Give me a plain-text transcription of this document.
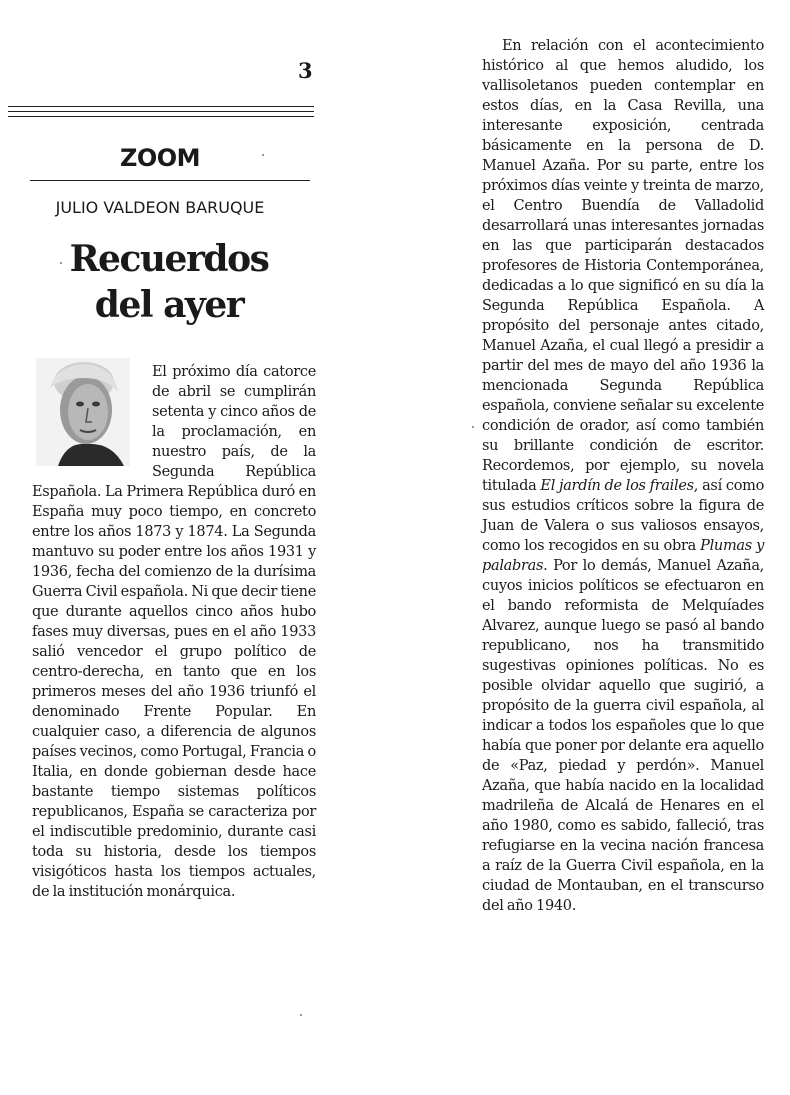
3
ZOOM
JULIO VALDEON BARUQUE
Recuerdos
del ayer

El próximo día catorce de abril se cumplirán setenta y cinco años de la proclamación, en nuestro país, de la Segunda República Española. La Primera República duró en España muy poco tiempo, en concreto entre los años 1873 y 1874. La Segunda mantuvo su poder entre los años 1931 y 1936, fecha del comienzo de la durísima Guerra Civil española. Ni que decir tiene que durante aquellos cinco años hubo fases muy diversas, pues en el año 1933 salió vencedor el grupo político de centro-derecha, en tanto que en los primeros meses del año 1936 triunfó el denominado Frente Popular. En cualquier caso, a diferencia de algunos países vecinos, como Portugal, Francia o Italia, en donde gobiernan desde hace bastante tiempo sistemas políticos republicanos, España se caracteriza por el indiscutible predominio, durante casi toda su historia, desde los tiempos visigóticos hasta los tiempos actuales, de la institución monárquica.

En relación con el acontecimiento histórico al que hemos aludido, los vallisoletanos pueden contemplar en estos días, en la Casa Revilla, una interesante exposición, centrada básicamente en la persona de D. Manuel Azaña. Por su parte, entre los próximos días veinte y treinta de marzo, el Centro Buendía de Valladolid desarrollará unas interesantes jornadas en las que participarán destacados profesores de Historia Contemporánea, dedicadas a lo que significó en su día la Segunda República Española. A propósito del personaje antes citado, Manuel Azaña, el cual llegó a presidir a partir del mes de mayo del año 1936 la mencionada Segunda República española, conviene señalar su excelente condición de orador, así como también su brillante condición de escritor. Recordemos, por ejemplo, su novela titulada El jardín de los frailes, así como sus estudios críticos sobre la figura de Juan de Valera o sus valiosos ensayos, como los recogidos en su obra Plumas y palabras. Por lo demás, Manuel Azaña, cuyos inicios políticos se efectuaron en el bando reformista de Melquíades Alvarez, aunque luego se pasó al bando republicano, nos ha transmitido sugestivas opiniones políticas. No es posible olvidar aquello que sugirió, a propósito de la guerra civil española, al indicar a todos los españoles que lo que había que poner por delante era aquello de «Paz, piedad y perdón». Manuel Azaña, que había nacido en la localidad madrileña de Alcalá de Henares en el año 1980, como es sabido, falleció, tras refugiarse en la vecina nación francesa a raíz de la Guerra Civil española, en la ciudad de Montauban, en el transcurso del año 1940.
